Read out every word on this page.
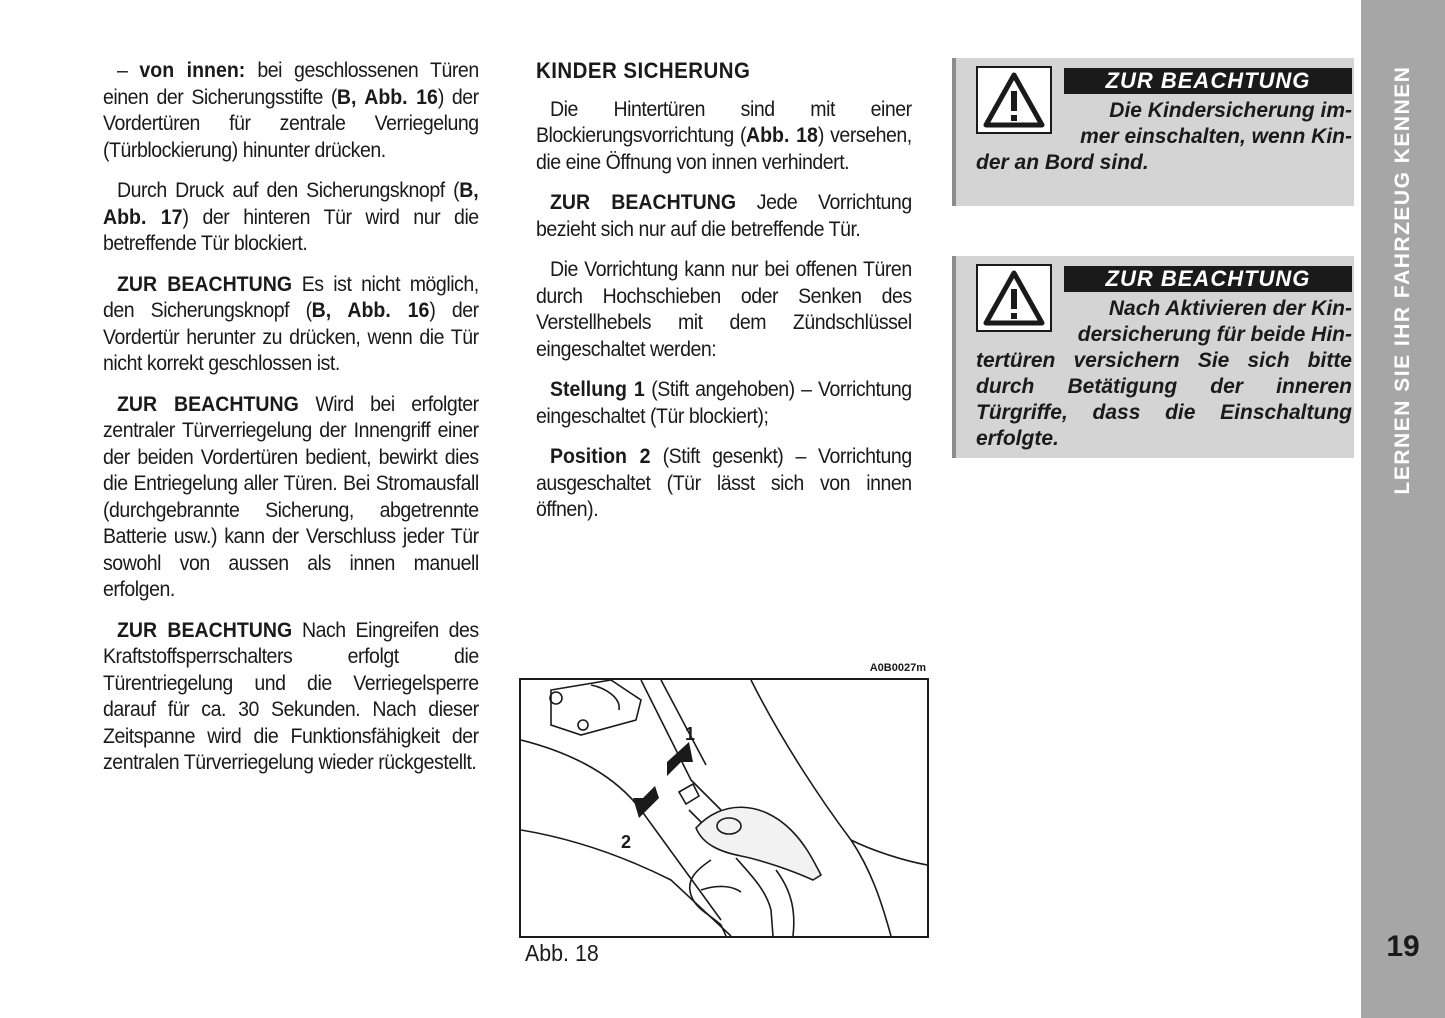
– von innen: bei geschlossenen Türen einen der Sicherungsstifte (B, Abb. 16) der Vordertüren für zentrale Verriegelung (Türblockierung) hinunter drücken.

Durch Druck auf den Sicherungsknopf (B, Abb. 17) der hinteren Tür wird nur die betreffende Tür blockiert.

ZUR BEACHTUNG Es ist nicht möglich, den Sicherungsknopf (B, Abb. 16) der Vordertür herunter zu drücken, wenn die Tür nicht korrekt geschlossen ist.

ZUR BEACHTUNG Wird bei erfolgter zentraler Türverriegelung der Innengriff einer der beiden Vordertüren bedient, bewirkt dies die Entriegelung aller Türen. Bei Stromausfall (durchgebrannte Sicherung, abgetrennte Batterie usw.) kann der Verschluss jeder Tür sowohl von aussen als innen manuell erfolgen.

ZUR BEACHTUNG Nach Eingreifen des Kraftstoffsperrschalters erfolgt die Türentriegelung und die Verriegelsperre darauf für ca. 30 Sekunden. Nach dieser Zeitspanne wird die Funktionsfähigkeit der zentralen Türverriegelung wieder rückgestellt.

KINDER SICHERUNG

Die Hintertüren sind mit einer Blockierungsvorrichtung (Abb. 18) versehen, die eine Öffnung von innen verhindert.

ZUR BEACHTUNG Jede Vorrichtung bezieht sich nur auf die betreffende Tür.

Die Vorrichtung kann nur bei offenen Türen durch Hochschieben oder Senken des Verstellhebels mit dem Zündschlüssel eingeschaltet werden:

Stellung 1 (Stift angehoben) – Vorrichtung eingeschaltet (Tür blockiert);

Position 2 (Stift gesenkt) – Vorrichtung ausgeschaltet (Tür lässt sich von innen öffnen).

ZUR BEACHTUNG
Die Kindersicherung im-
mer einschalten, wenn Kin-
der an Bord sind.
ZUR BEACHTUNG
Nach Aktivieren der Kin-
dersicherung für beide Hin-
tertüren versichern Sie sich bitte durch Betätigung der inneren Türgriffe, dass die Einschaltung erfolgte.
A0B0027m
1
2
Abb. 18
LERNEN SIE IHR FAHRZEUG KENNEN
19
